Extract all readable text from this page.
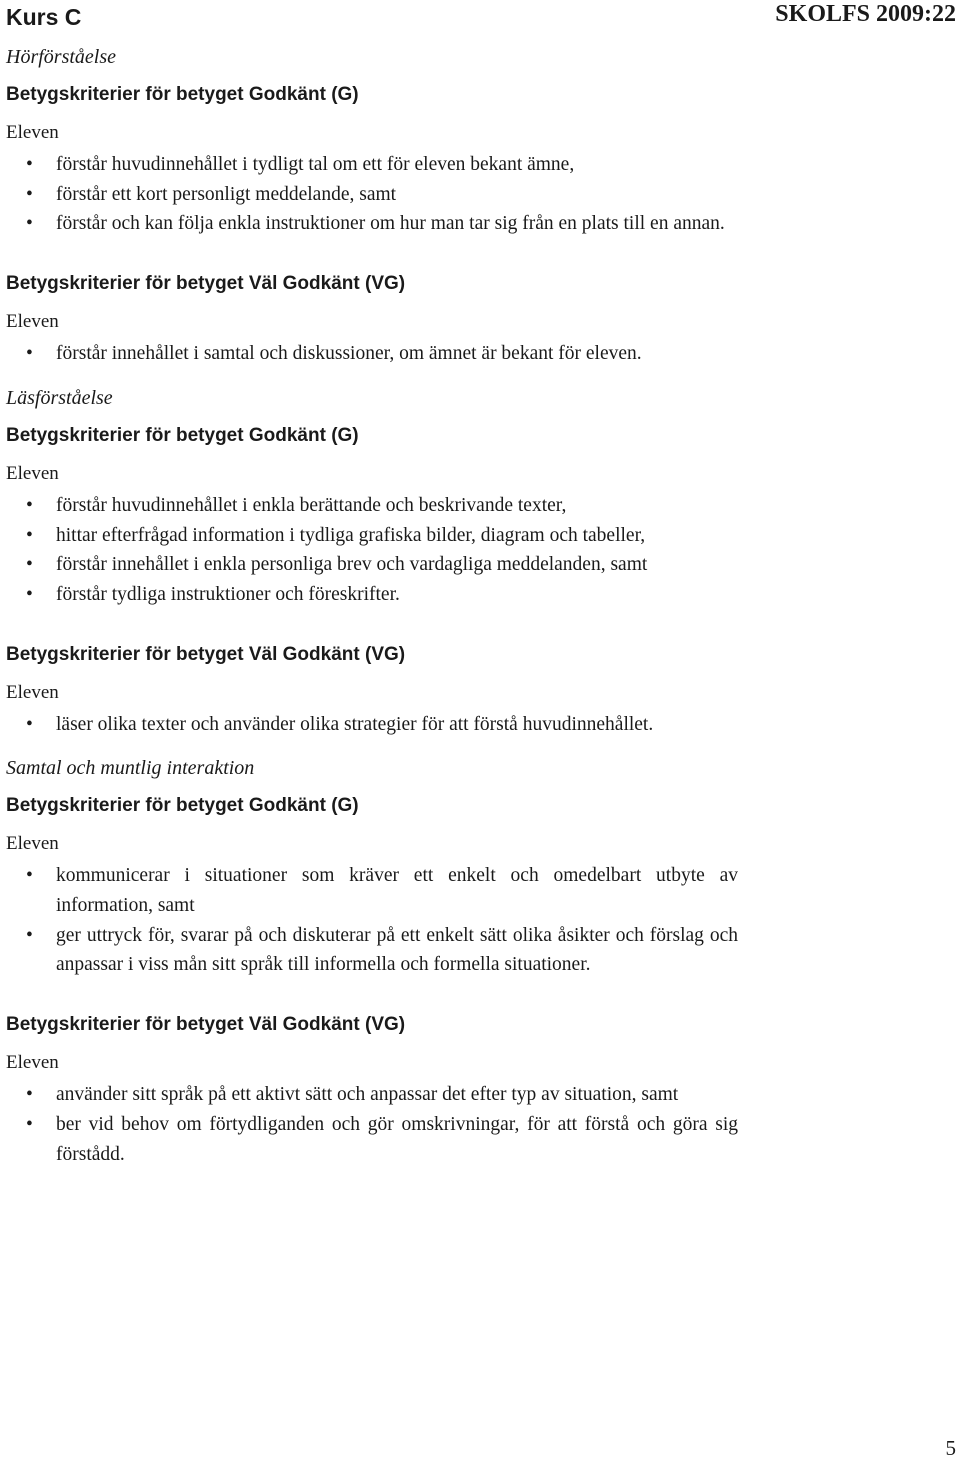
Kurs C	SKOLFS 2009:22

Hörförståelse

Betygskriterier för betyget Godkänt (G)

Eleven

• förstår huvudinnehållet i tydligt tal om ett för eleven bekant ämne,
• förstår ett kort personligt meddelande, samt
• förstår och kan följa enkla instruktioner om hur man tar sig från en plats till en annan.

Betygskriterier för betyget Väl Godkänt (VG)

Eleven

• förstår innehållet i samtal och diskussioner, om ämnet är bekant för eleven.

Läsförståelse

Betygskriterier för betyget Godkänt (G)

Eleven

• förstår huvudinnehållet i enkla berättande och beskrivande texter,
• hittar efterfrågad information i tydliga grafiska bilder, diagram och tabeller,
• förstår innehållet i enkla personliga brev och vardagliga meddelanden, samt
• förstår tydliga instruktioner och föreskrifter.

Betygskriterier för betyget Väl Godkänt (VG)

Eleven

• läser olika texter och använder olika strategier för att förstå huvudinnehållet.

Samtal och muntlig interaktion

Betygskriterier för betyget Godkänt (G)

Eleven

• kommunicerar i situationer som kräver ett enkelt och omedelbart utbyte av information, samt
• ger uttryck för, svarar på och diskuterar på ett enkelt sätt olika åsikter och förslag och anpassar i viss mån sitt språk till informella och formella situationer.

Betygskriterier för betyget Väl Godkänt (VG)

Eleven

• använder sitt språk på ett aktivt sätt och anpassar det efter typ av situation, samt
• ber vid behov om förtydliganden och gör omskrivningar, för att förstå och göra sig förstådd.
5
